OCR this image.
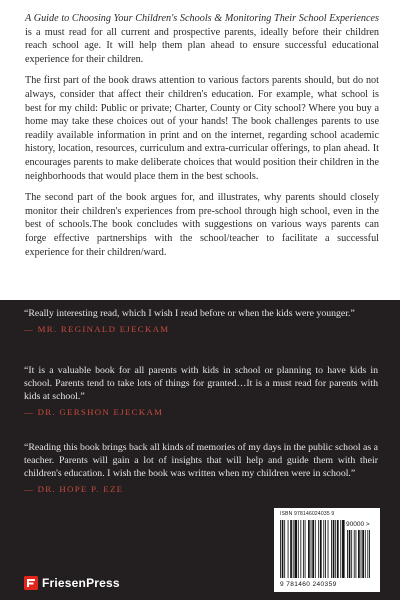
A Guide to Choosing Your Children's Schools & Monitoring Their School Experiences is a must read for all current and prospective parents, ideally before their children reach school age. It will help them plan ahead to ensure successful educational experience for their children.

The first part of the book draws attention to various factors parents should, but do not always, consider that affect their children's education. For example, what school is best for my child: Public or private; Charter, County or City school? Where you buy a home may take these choices out of your hands! The book challenges parents to use readily available information in print and on the internet, regarding school academic history, location, resources, curriculum and extra-curricular offerings, to plan ahead. It encourages parents to make deliberate choices that would position their children in the neighborhoods that would place them in the best schools.

The second part of the book argues for, and illustrates, why parents should closely monitor their children's experiences from pre-school through high school, even in the best of schools.The book concludes with suggestions on various ways parents can forge effective partnerships with the school/teacher to facilitate a successful experience for their children/ward.

“Really interesting read, which I wish I read before or when the kids were younger.”

— MR. REGINALD EJECKAM

“It is a valuable book for all parents with kids in school or planning to have kids in school. Parents tend to take lots of things for granted…It is a must read for parents with kids at school.”

— DR. GERSHON EJECKAM

“Reading this book brings back all kinds of memories of my days in the public school as a teacher. Parents will gain a lot of insights that will help and guide them with their children's education. I wish the book was written when my children were in school.”

— DR. HOPE P. EZE
FriesenPress
ISBN 978146024035 9
90000 >
9 781460 240359
